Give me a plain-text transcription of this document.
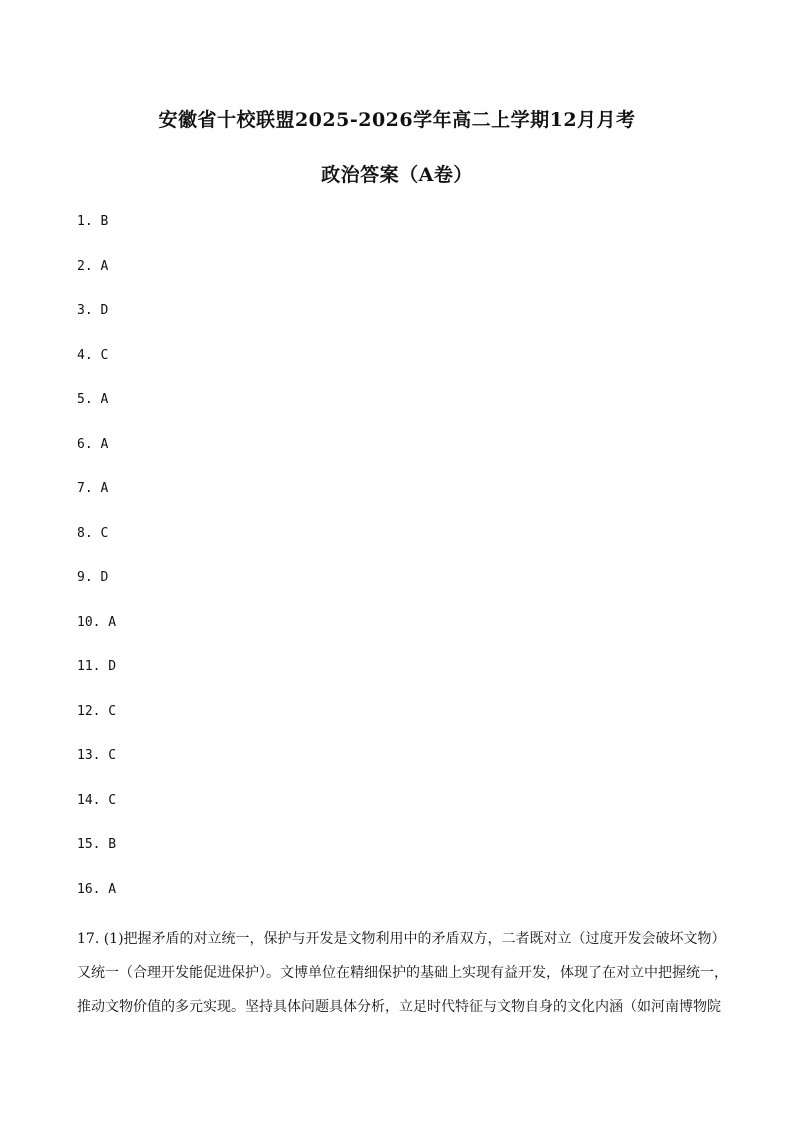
安徽省十校联盟2025-2026学年高二上学期12月月考
政治答案（A卷）
1. B
2. A
3. D
4. C
5. A
6. A
7. A
8. C
9. D
10. A
11. D
12. C
13. C
14. C
15. B
16. A
17. (1)把握矛盾的对立统一，保护与开发是文物利用中的矛盾双方，二者既对立（过度开发会破坏文物）
又统一（合理开发能促进保护）。文博单位在精细保护的基础上实现有益开发，体现了在对立中把握统一，
推动文物价值的多元实现。坚持具体问题具体分析，立足时代特征与文物自身的文化内涵（如河南博物院
